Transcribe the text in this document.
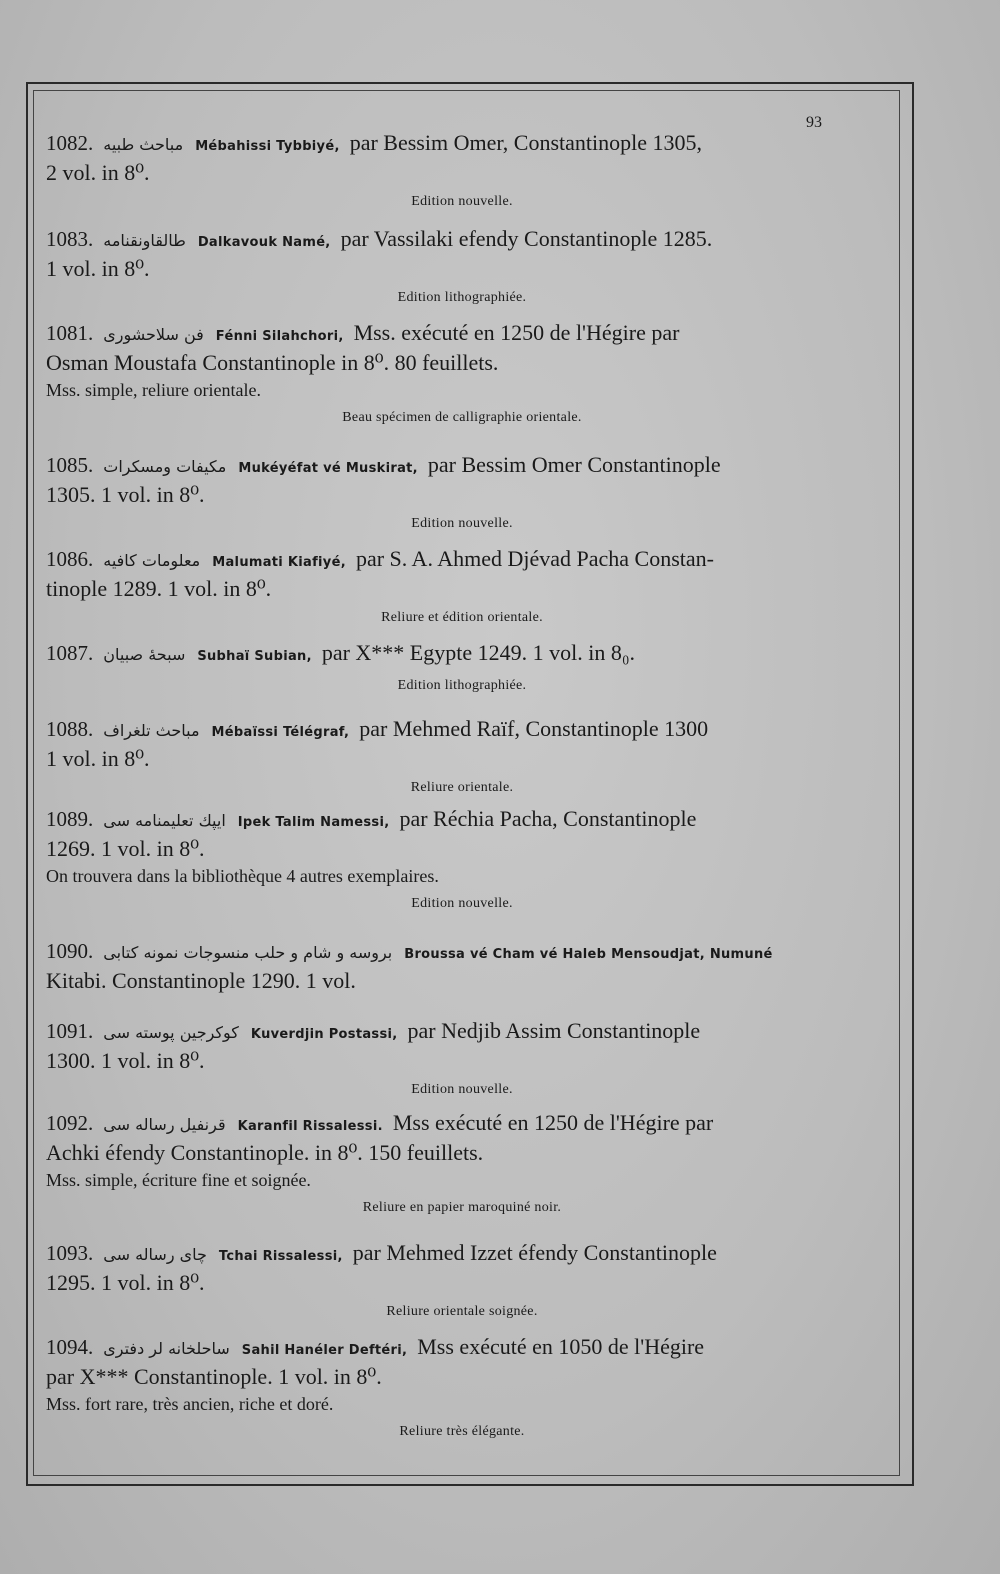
93
1082. مباحث طبيه Mébahissi Tybbiyé, par Bessim Omer, Constantinople 1305,
2 vol. in 8⁰.
Edition nouvelle.
1083. طالقاونقنامه Dalkavouk Namé, par Vassilaki efendy Constantinople 1285.
1 vol. in 8⁰.
Edition lithographiée.
1081. فن سلاحشوری Fénni Silahchori, Mss. exécuté en 1250 de l'Hégire par
Osman Moustafa Constantinople in 8⁰. 80 feuillets.
Mss. simple, reliure orientale.
Beau spécimen de calligraphie orientale.
1085. مكيفات ومسكرات Mukéyéfat vé Muskirat, par Bessim Omer Constantinople
1305. 1 vol. in 8⁰.
Edition nouvelle.
1086. معلومات كافيه Malumati Kiafiyé, par S. A. Ahmed Djévad Pacha Constan-
tinople 1289. 1 vol. in 8⁰.
Reliure et édition orientale.
1087. سبحهٔ صبيان Subhaï Subian, par X*** Egypte 1249. 1 vol. in 8₀.
Edition lithographiée.
1088. مباحث تلغراف Mébaïssi Télégraf, par Mehmed Raïf, Constantinople 1300
1 vol. in 8⁰.
Reliure orientale.
1089. ايپك تعليمنامه سى Ipek Talim Namessi, par Réchia Pacha, Constantinople
1269. 1 vol. in 8⁰.
On trouvera dans la bibliothèque 4 autres exemplaires.
Edition nouvelle.
1090. بروسه و شام و حلب منسوجات نمونه كتابى Broussa vé Cham vé Haleb Mensoudjat, Numuné
Kitabi. Constantinople 1290. 1 vol.
1091. كوكرجين پوسته سى Kuverdjin Postassi, par Nedjib Assim Constantinople
1300. 1 vol. in 8⁰.
Edition nouvelle.
1092. قرنفيل رساله سى Karanfil Rissalessi. Mss exécuté en 1250 de l'Hégire par
Achki éfendy Constantinople. in 8⁰. 150 feuillets.
Mss. simple, écriture fine et soignée.
Reliure en papier maroquiné noir.
1093. چاى رساله سى Tchai Rissalessi, par Mehmed Izzet éfendy Constantinople
1295. 1 vol. in 8⁰.
Reliure orientale soignée.
1094. ساحلخانه لر دفترى Sahil Hanéler Deftéri, Mss exécuté en 1050 de l'Hégire
par X*** Constantinople. 1 vol. in 8⁰.
Mss. fort rare, très ancien, riche et doré.
Reliure très élégante.
